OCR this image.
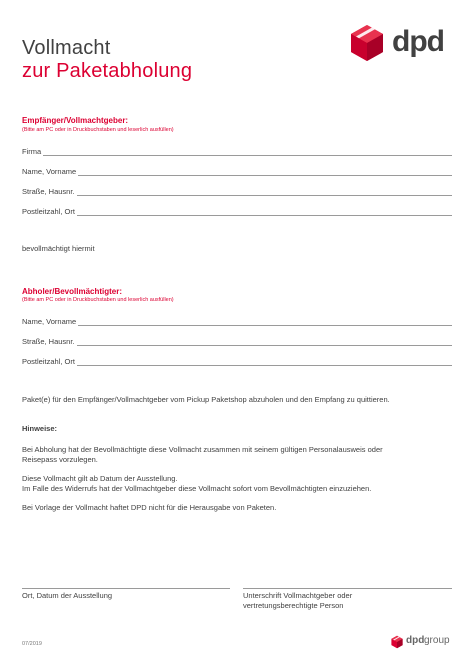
Vollmacht
zur Paketabholung
dpd
Empfänger/Vollmachtgeber:
(Bitte am PC oder in Druckbuchstaben und leserlich ausfüllen)
Firma
Name, Vorname
Straße, Hausnr.
Postleitzahl, Ort
bevollmächtigt hiermit
Abholer/Bevollmächtigter:
(Bitte am PC oder in Druckbuchstaben und leserlich ausfüllen)
Name, Vorname
Straße, Hausnr.
Postleitzahl, Ort
Paket(e) für den Empfänger/Vollmachtgeber vom Pickup Paketshop abzuholen und den Empfang zu quittieren.
Hinweise:
Bei Abholung hat der Bevollmächtigte diese Vollmacht zusammen mit seinem gültigen Personalausweis oder
Reisepass vorzulegen.
Diese Vollmacht gilt ab Datum der Ausstellung.
Im Falle des Widerrufs hat der Vollmachtgeber diese Vollmacht sofort vom Bevollmächtigten einzuziehen.
Bei Vorlage der Vollmacht haftet DPD nicht für die Herausgabe von Paketen.
Ort, Datum der Ausstellung	Unterschrift Vollmachtgeber oder
vertretungsberechtigte Person
07/2019	dpd group
